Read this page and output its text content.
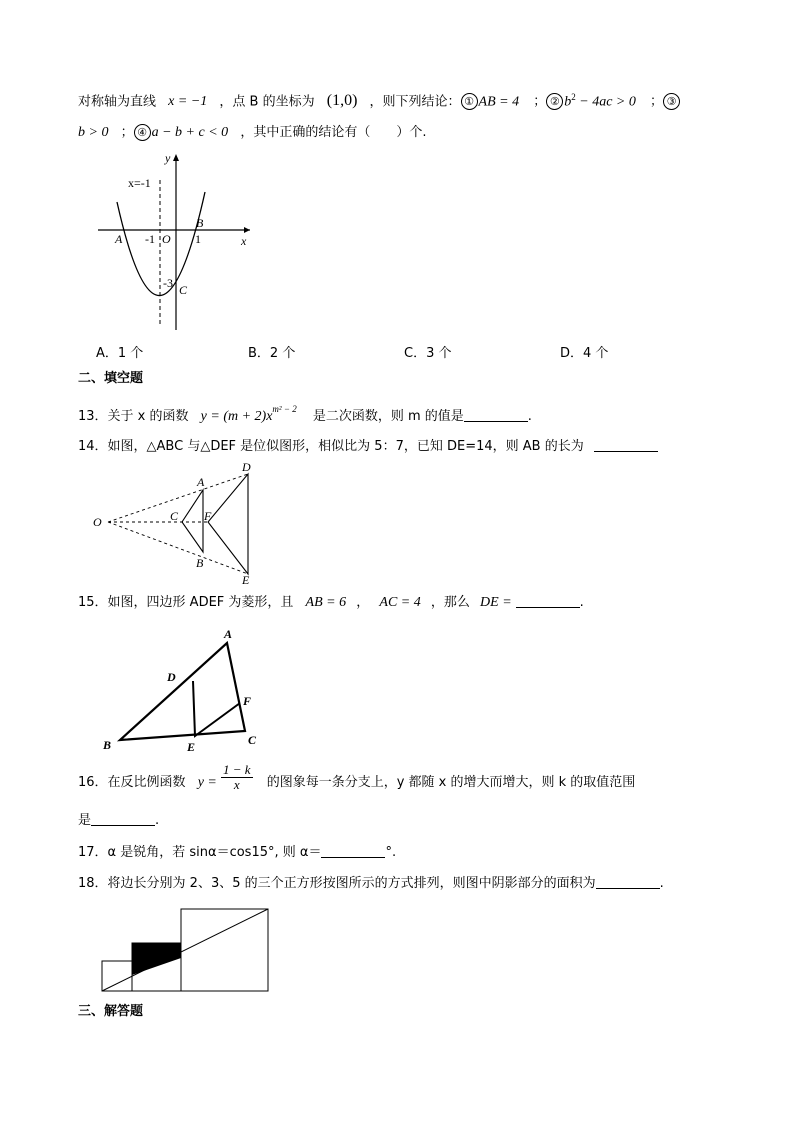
对称轴为直线 x = −1 ，点 B 的坐标为 (1,0) ，则下列结论： ① AB = 4 ； ② $b^2 - 4ac > 0$ ； ③
b > 0 ； ④ a − b + c < 0 ，其中正确的结论有（　　）个.
y
x
x=-1
A
B
C
-1 O 1
-3
A．1 个	B．2 个	C．3 个	D．4 个
二、填空题
13．关于 x 的函数 $y = (m + 2)x^{m^2 - 2}$ 是二次函数，则 m 的值是	.
14．如图，△ABC 与△DEF 是位似图形，相似比为 5：7，已知 DE=14，则 AB 的长为
O
A
B
C
D
E
F
15．如图，四边形 ADEF 为菱形，且 AB = 6 ， AC = 4 ，那么 DE =	.
A
B	C
D
E
F
16．在反比例函数 $y = \frac{1 - k}{x}$ 的图象每一条分支上，y 都随 x 的增大而增大，则 k 的取值范围
是	.
17．α 是锐角，若 sinα＝cos15°, 则 α＝	°.
18．将边长分别为 2、3、5 的三个正方形按图所示的方式排列，则图中阴影部分的面积为	.
三、解答题
